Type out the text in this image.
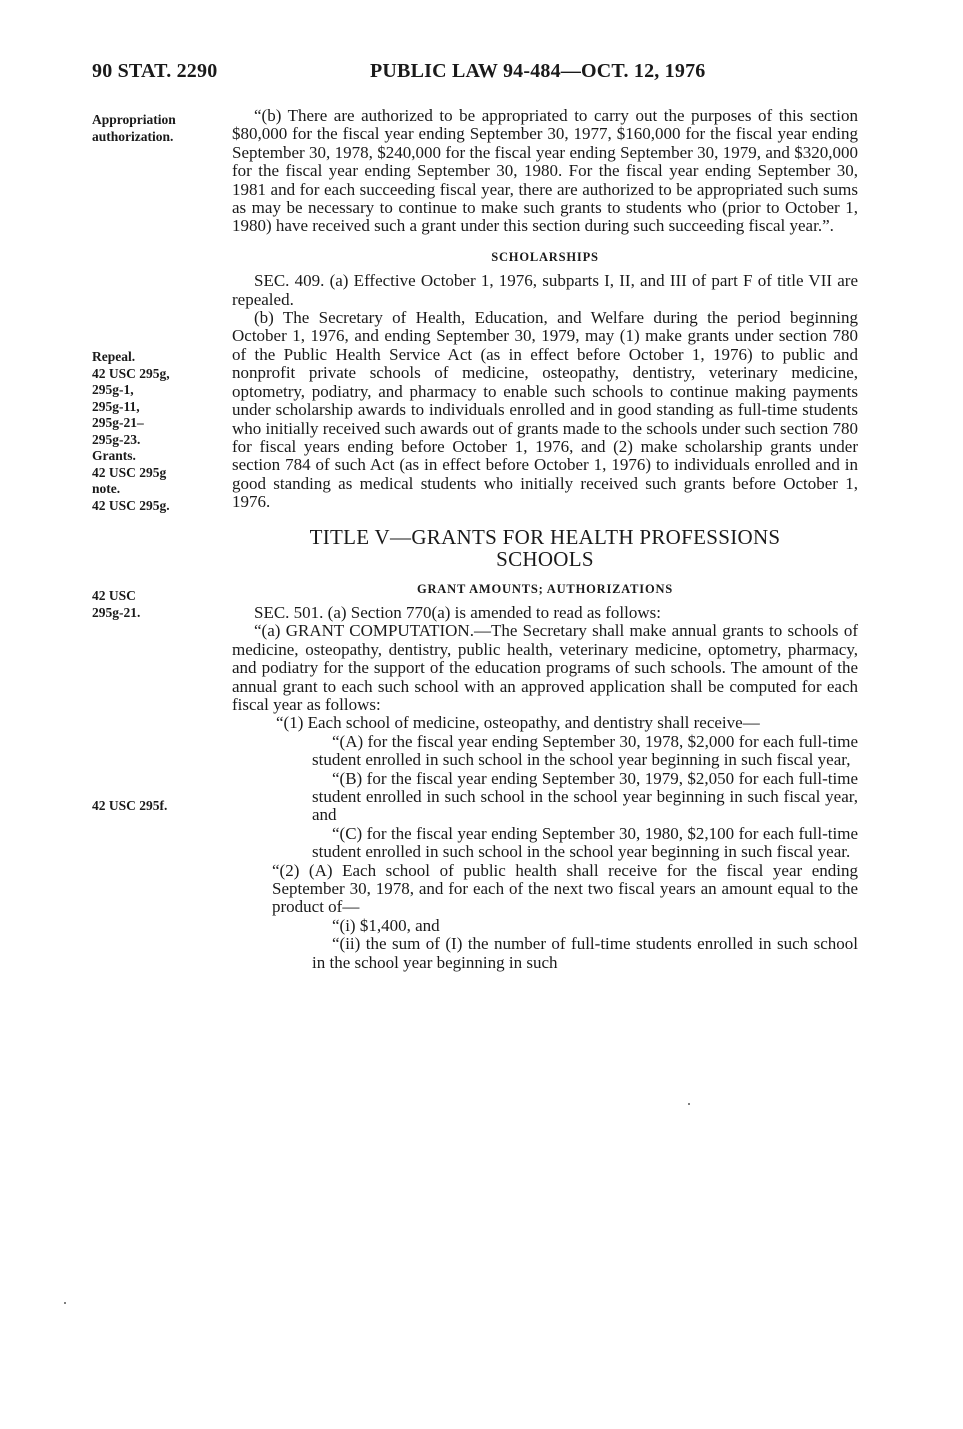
90 STAT. 2290	PUBLIC LAW 94-484—OCT. 12, 1976
Appropriation
authorization.
Repeal.
42 USC 295g,
295g-1,
295g-11,
295g-21–
295g-23.
Grants.
42 USC 295g
note.
42 USC 295g.
42 USC
295g-21.
42 USC 295f.

“(b) There are authorized to be appropriated to carry out the purposes of this section $80,000 for the fiscal year ending September 30, 1977, $160,000 for the fiscal year ending September 30, 1978, $240,000 for the fiscal year ending September 30, 1979, and $320,000 for the fiscal year ending September 30, 1980. For the fiscal year ending September 30, 1981 and for each succeeding fiscal year, there are authorized to be appropriated such sums as may be necessary to continue to make such grants to students who (prior to October 1, 1980) have received such a grant under this section during such succeeding fiscal year.”.

SCHOLARSHIPS

SEC. 409. (a) Effective October 1, 1976, subparts I, II, and III of part F of title VII are repealed.

(b) The Secretary of Health, Education, and Welfare during the period beginning October 1, 1976, and ending September 30, 1979, may (1) make grants under section 780 of the Public Health Service Act (as in effect before October 1, 1976) to public and nonprofit private schools of medicine, osteopathy, dentistry, veterinary medicine, optometry, podiatry, and pharmacy to enable such schools to continue making payments under scholarship awards to individuals enrolled and in good standing as full-time students who initially received such awards out of grants made to the schools under such section 780 for fiscal years ending before October 1, 1976, and (2) make scholarship grants under section 784 of such Act (as in effect before October 1, 1976) to individuals enrolled and in good standing as medical students who initially received such grants before October 1, 1976.

TITLE V—GRANTS FOR HEALTH PROFESSIONS
SCHOOLS
GRANT AMOUNTS; AUTHORIZATIONS

SEC. 501. (a) Section 770(a) is amended to read as follows:

“(a) GRANT COMPUTATION.—The Secretary shall make annual grants to schools of medicine, osteopathy, dentistry, public health, veterinary medicine, optometry, pharmacy, and podiatry for the support of the education programs of such schools. The amount of the annual grant to each such school with an approved application shall be computed for each fiscal year as follows:

“(1) Each school of medicine, osteopathy, and dentistry shall receive—

“(A) for the fiscal year ending September 30, 1978, $2,000 for each full-time student enrolled in such school in the school year beginning in such fiscal year,

“(B) for the fiscal year ending September 30, 1979, $2,050 for each full-time student enrolled in such school in the school year beginning in such fiscal year, and

“(C) for the fiscal year ending September 30, 1980, $2,100 for each full-time student enrolled in such school in the school year beginning in such fiscal year.

“(2) (A) Each school of public health shall receive for the fiscal year ending September 30, 1978, and for each of the next two fiscal years an amount equal to the product of—

“(i) $1,400, and

“(ii) the sum of (I) the number of full-time students enrolled in such school in the school year beginning in such
